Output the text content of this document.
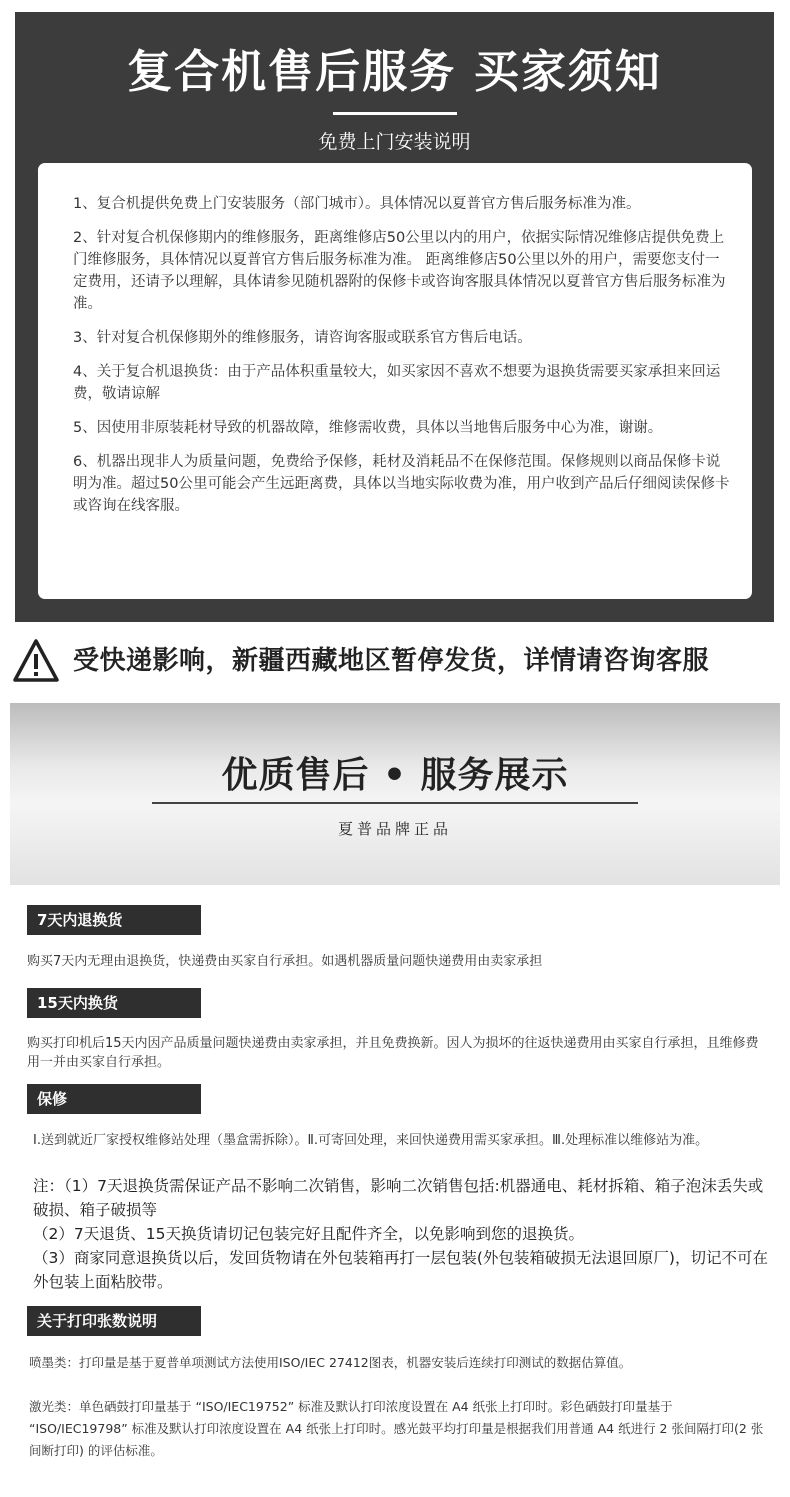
复合机售后服务 买家须知
免费上门安装说明
1、复合机提供免费上门安装服务（部门城市）。具体情况以夏普官方售后服务标准为准。
2、针对复合机保修期内的维修服务，距离维修店50公里以内的用户，依据实际情况维修店提供免费上门维修服务，具体情况以夏普官方售后服务标准为准。 距离维修店50公里以外的用户，需要您支付一定费用，还请予以理解，具体请参见随机器附的保修卡或咨询客服具体情况以夏普官方售后服务标准为准。
3、针对复合机保修期外的维修服务，请咨询客服或联系官方售后电话。
4、关于复合机退换货：由于产品体积重量较大，如买家因不喜欢不想要为退换货需要买家承担来回运费，敬请谅解
5、因使用非原装耗材导致的机器故障，维修需收费，具体以当地售后服务中心为准，谢谢。
6、机器出现非人为质量问题，免费给予保修，耗材及消耗品不在保修范围。保修规则以商品保修卡说明为准。超过50公里可能会产生远距离费，具体以当地实际收费为准，用户收到产品后仔细阅读保修卡或咨询在线客服。
受快递影响，新疆西藏地区暂停发货，详情请咨询客服
优质售后 • 服务展示
夏普品牌正品
7天内退换货

购买7天内无理由退换货，快递费由买家自行承担。如遇机器质量问题快递费用由卖家承担

15天内换货

购买打印机后15天内因产品质量问题快递费由卖家承担，并且免费换新。因人为损坏的往返快递费用由买家自行承担，且维修费用一并由买家自行承担。

保修

Ⅰ.送到就近厂家授权维修站处理（墨盒需拆除）。Ⅱ.可寄回处理，来回快递费用需买家承担。Ⅲ.处理标准以维修站为准。

注：（1）7天退换货需保证产品不影响二次销售，影响二次销售包括:机器通电、耗材拆箱、箱子泡沫丢失或破损、箱子破损等

（2）7天退货、15天换货请切记包装完好且配件齐全，以免影响到您的退换货。

（3）商家同意退换货以后，发回货物请在外包装箱再打一层包装(外包装箱破损无法退回原厂)，切记不可在外包装上面粘胶带。

关于打印张数说明

喷墨类：打印量是基于夏普单项测试方法使用ISO/IEC 27412图表，机器安装后连续打印测试的数据估算值。

激光类：单色硒鼓打印量基于 “ISO/IEC19752” 标准及默认打印浓度设置在 A4 纸张上打印时。彩色硒鼓打印量基于 “ISO/IEC19798” 标准及默认打印浓度设置在 A4 纸张上打印时。感光鼓平均打印量是根据我们用普通 A4 纸进行 2 张间隔打印(2 张间断打印) 的评估标准。
